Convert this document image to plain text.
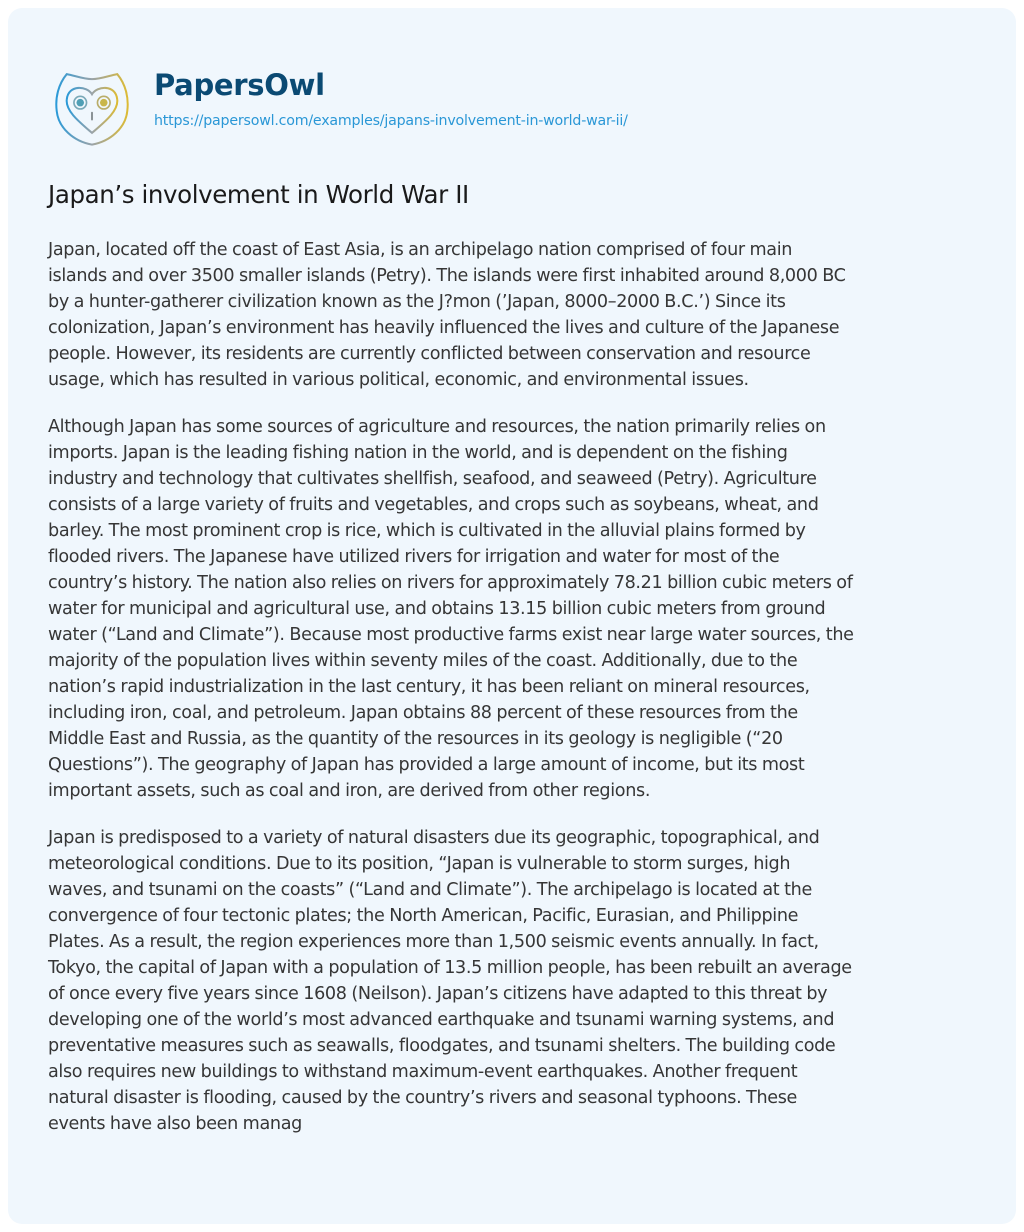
PapersOwl
https://papersowl.com/examples/japans-involvement-in-world-war-ii/
Japan’s involvement in World War II

Japan, located off the coast of East Asia, is an archipelago nation comprised of four main
islands and over 3500 smaller islands (Petry). The islands were first inhabited around 8,000 BC
by a hunter-gatherer civilization known as the J?mon (’Japan, 8000–2000 B.C.’) Since its
colonization, Japan’s environment has heavily influenced the lives and culture of the Japanese
people. However, its residents are currently conflicted between conservation and resource
usage, which has resulted in various political, economic, and environmental issues.

Although Japan has some sources of agriculture and resources, the nation primarily relies on
imports. Japan is the leading fishing nation in the world, and is dependent on the fishing
industry and technology that cultivates shellfish, seafood, and seaweed (Petry). Agriculture
consists of a large variety of fruits and vegetables, and crops such as soybeans, wheat, and
barley. The most prominent crop is rice, which is cultivated in the alluvial plains formed by
flooded rivers. The Japanese have utilized rivers for irrigation and water for most of the
country’s history. The nation also relies on rivers for approximately 78.21 billion cubic meters of
water for municipal and agricultural use, and obtains 13.15 billion cubic meters from ground
water (“Land and Climate”). Because most productive farms exist near large water sources, the
majority of the population lives within seventy miles of the coast. Additionally, due to the
nation’s rapid industrialization in the last century, it has been reliant on mineral resources,
including iron, coal, and petroleum. Japan obtains 88 percent of these resources from the
Middle East and Russia, as the quantity of the resources in its geology is negligible (“20
Questions”). The geography of Japan has provided a large amount of income, but its most
important assets, such as coal and iron, are derived from other regions.

Japan is predisposed to a variety of natural disasters due its geographic, topographical, and
meteorological conditions. Due to its position, “Japan is vulnerable to storm surges, high
waves, and tsunami on the coasts” (“Land and Climate”). The archipelago is located at the
convergence of four tectonic plates; the North American, Pacific, Eurasian, and Philippine
Plates. As a result, the region experiences more than 1,500 seismic events annually. In fact,
Tokyo, the capital of Japan with a population of 13.5 million people, has been rebuilt an average
of once every five years since 1608 (Neilson). Japan’s citizens have adapted to this threat by
developing one of the world’s most advanced earthquake and tsunami warning systems, and
preventative measures such as seawalls, floodgates, and tsunami shelters. The building code
also requires new buildings to withstand maximum-event earthquakes. Another frequent
natural disaster is flooding, caused by the country’s rivers and seasonal typhoons. These
events have also been manag
